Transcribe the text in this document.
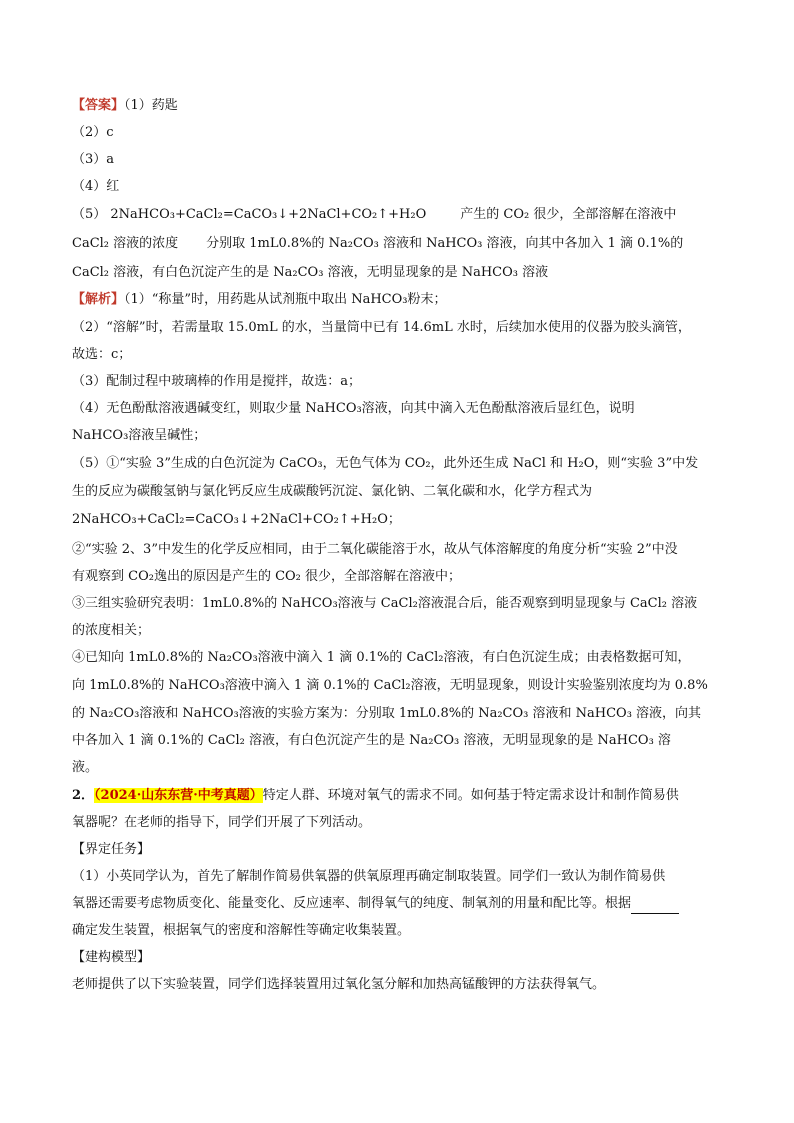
【答案】（1）药匙
（2）c
（3）a
（4）红
（5） 2NaHCO₃+CaCl₂=CaCO₃↓+2NaCl+CO₂↑+H₂O	产生的 CO₂ 很少，全部溶解在溶液中
CaCl₂ 溶液的浓度 分别取 1mL0.8%的 Na₂CO₃ 溶液和 NaHCO₃ 溶液，向其中各加入 1 滴 0.1%的
CaCl₂ 溶液，有白色沉淀产生的是 Na₂CO₃ 溶液，无明显现象的是 NaHCO₃ 溶液
【解析】（1）“称量”时，用药匙从试剂瓶中取出 NaHCO₃粉末；
（2）“溶解”时，若需量取 15.0mL 的水，当量筒中已有 14.6mL 水时，后续加水使用的仪器为胶头滴管，
故选：c；
（3）配制过程中玻璃棒的作用是搅拌，故选：a；
（4）无色酚酞溶液遇碱变红，则取少量 NaHCO₃溶液，向其中滴入无色酚酞溶液后显红色，说明
NaHCO₃溶液呈碱性；
（5）①“实验 3”生成的白色沉淀为 CaCO₃，无色气体为 CO₂，此外还生成 NaCl 和 H₂O，则“实验 3”中发
生的反应为碳酸氢钠与氯化钙反应生成碳酸钙沉淀、氯化钠、二氧化碳和水，化学方程式为
2NaHCO₃+CaCl₂=CaCO₃↓+2NaCl+CO₂↑+H₂O；
②“实验 2、3”中发生的化学反应相同，由于二氧化碳能溶于水，故从气体溶解度的角度分析“实验 2”中没
有观察到 CO₂逸出的原因是产生的 CO₂ 很少，全部溶解在溶液中；
③三组实验研究表明：1mL0.8%的 NaHCO₃溶液与 CaCl₂溶液混合后，能否观察到明显现象与 CaCl₂ 溶液
的浓度相关；
④已知向 1mL0.8%的 Na₂CO₃溶液中滴入 1 滴 0.1%的 CaCl₂溶液，有白色沉淀生成；由表格数据可知，
向 1mL0.8%的 NaHCO₃溶液中滴入 1 滴 0.1%的 CaCl₂溶液，无明显现象，则设计实验鉴别浓度均为 0.8%
的 Na₂CO₃溶液和 NaHCO₃溶液的实验方案为：分别取 1mL0.8%的 Na₂CO₃ 溶液和 NaHCO₃ 溶液，向其
中各加入 1 滴 0.1%的 CaCl₂ 溶液，有白色沉淀产生的是 Na₂CO₃ 溶液，无明显现象的是 NaHCO₃ 溶
液。
2．（2024·山东东营·中考真题）特定人群、环境对氧气的需求不同。如何基于特定需求设计和制作简易供
氧器呢？在老师的指导下，同学们开展了下列活动。
【界定任务】
（1）小英同学认为，首先了解制作简易供氧器的供氧原理再确定制取装置。同学们一致认为制作简易供
氧器还需要考虑物质变化、能量变化、反应速率、制得氧气的纯度、制氧剂的用量和配比等。根据
确定发生装置，根据氧气的密度和溶解性等确定收集装置。
【建构模型】
老师提供了以下实验装置，同学们选择装置用过氧化氢分解和加热高锰酸钾的方法获得氧气。
